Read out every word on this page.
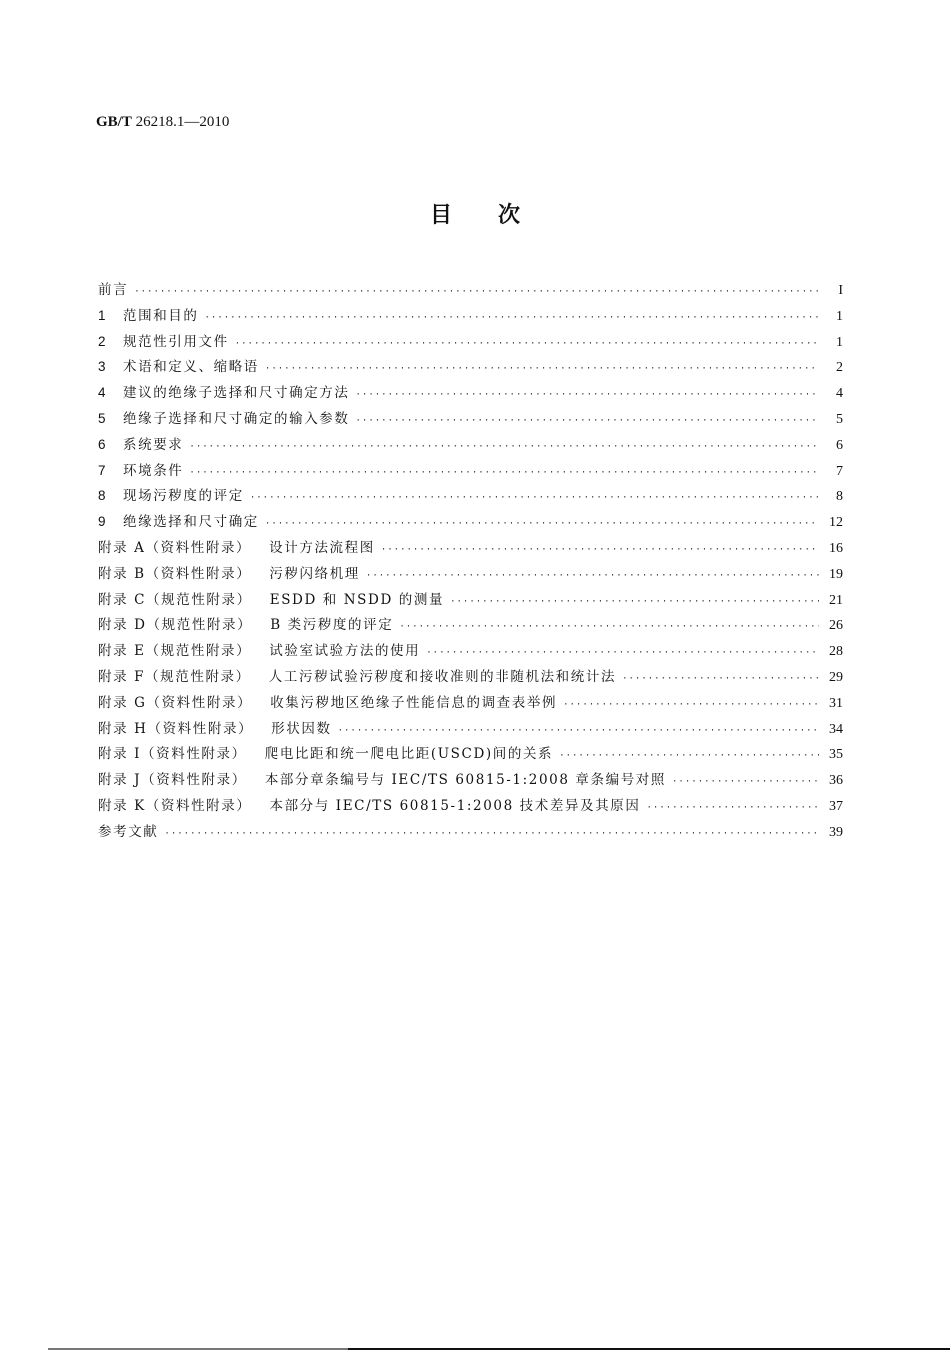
GB/T 26218.1—2010
目次
前言 ·····	I
1	范围和目的 ·····	1
2	规范性引用文件 ·····	1
3	术语和定义、缩略语 ·····	2
4	建议的绝缘子选择和尺寸确定方法 ·····	4
5	绝缘子选择和尺寸确定的输入参数 ·····	5
6	系统要求 ·····	6
7	环境条件 ·····	7
8	现场污秽度的评定 ·····	8
9	绝缘选择和尺寸确定 ·····	12
附录 A（资料性附录） 设计方法流程图 ·····	16
附录 B（资料性附录） 污秽闪络机理 ·····	19
附录 C（规范性附录） ESDD 和 NSDD 的测量 ·····	21
附录 D（规范性附录） B 类污秽度的评定 ·····	26
附录 E（规范性附录） 试验室试验方法的使用 ·····	28
附录 F（规范性附录） 人工污秽试验污秽度和接收准则的非随机法和统计法 ·····	29
附录 G（资料性附录） 收集污秽地区绝缘子性能信息的调查表举例 ·····	31
附录 H（资料性附录） 形状因数 ·····	34
附录 I（资料性附录） 爬电比距和统一爬电比距(USCD)间的关系 ·····	35
附录 J（资料性附录） 本部分章条编号与 IEC/TS 60815-1:2008 章条编号对照 ·····	36
附录 K（资料性附录） 本部分与 IEC/TS 60815-1:2008 技术差异及其原因 ·····	37
参考文献 ·····	39
